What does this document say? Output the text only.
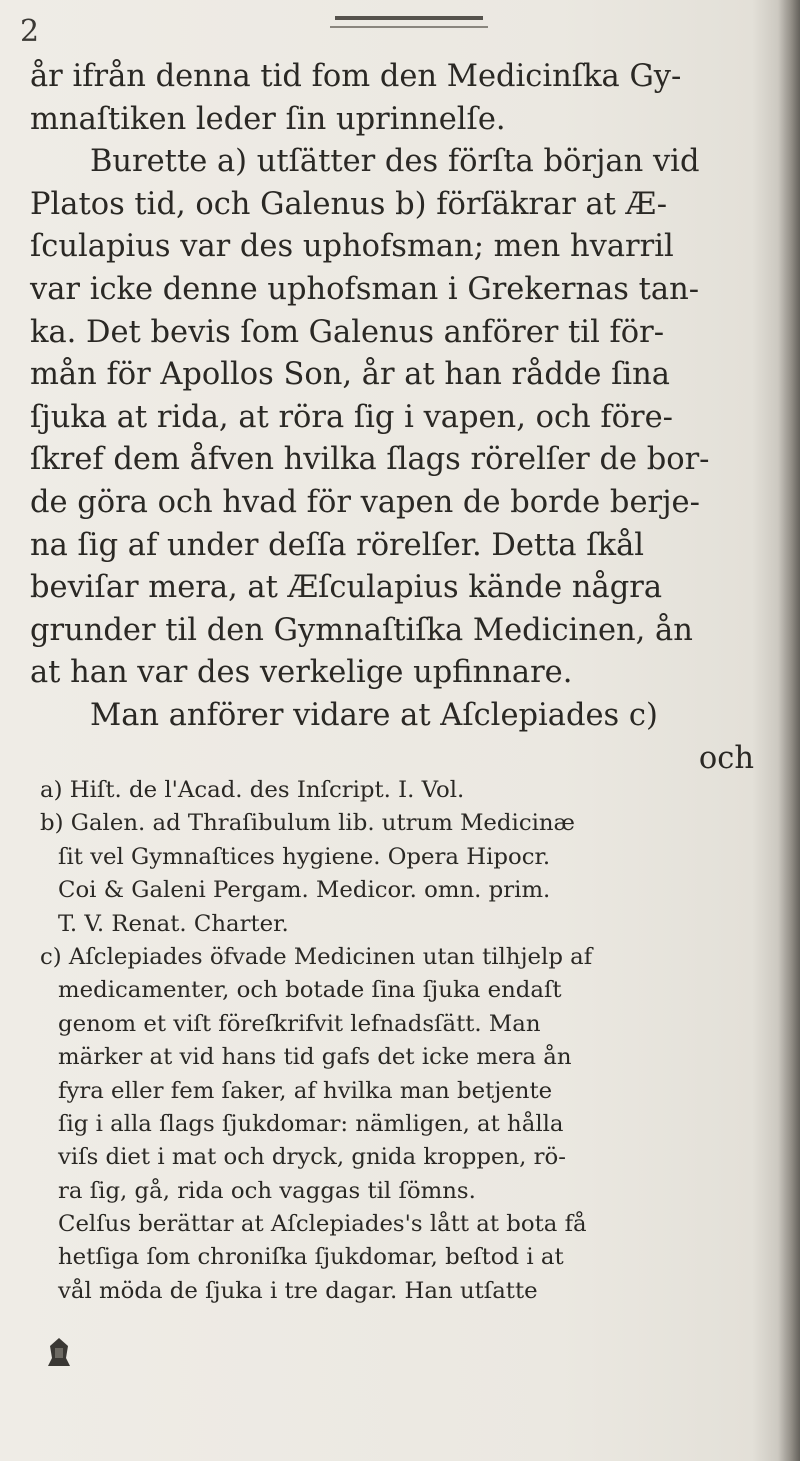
2
år ifrån denna tid fom den Medicinſka Gy-
mnaſtiken leder ſin uprinnelſe.
Burette a) utſätter des förſta början vid
Platos tid, och Galenus b) förſäkrar at Æ-
ſculapius var des uphofsman; men hvarril
var icke denne uphofsman i Grekernas tan-
ka. Det bevis ſom Galenus anförer til för-
mån för Apollos Son, år at han rådde ſina
ſjuka at rida, at röra ſig i vapen, och före-
ſkref dem åfven hvilka ſlags rörelſer de bor-
de göra och hvad för vapen de borde berje-
na ſig af under deſſa rörelſer. Detta ſkål
beviſar mera, at Æſculapius kände några
grunder til den Gymnaſtiſka Medicinen, ån
at han var des verkelige upfinnare.
Man anförer vidare at Aſclepiades c)
och
a) Hiſt. de l'Acad. des Inſcript. I. Vol.
b) Galen. ad Thraſibulum lib. utrum Medicinæ
ſit vel Gymnaſtices hygiene. Opera Hipocr.
Coi & Galeni Pergam. Medicor. omn. prim.
T. V. Renat. Charter.
c) Aſclepiades öfvade Medicinen utan tilhjelp af
medicamenter, och botade ſina ſjuka endaſt
genom et viſt föreſkrifvit lefnadsſätt. Man
märker at vid hans tid gafs det icke mera ån
fyra eller fem ſaker, af hvilka man betjente
ſig i alla ſlags ſjukdomar: nämligen, at hålla
viſs diet i mat och dryck, gnida kroppen, rö-
ra ſig, gå, rida och vaggas til ſömns.
Celſus berättar at Aſclepiades's lått at bota få
hetſiga ſom chroniſka ſjukdomar, beſtod i at
vål möda de ſjuka i tre dagar. Han utſatte
